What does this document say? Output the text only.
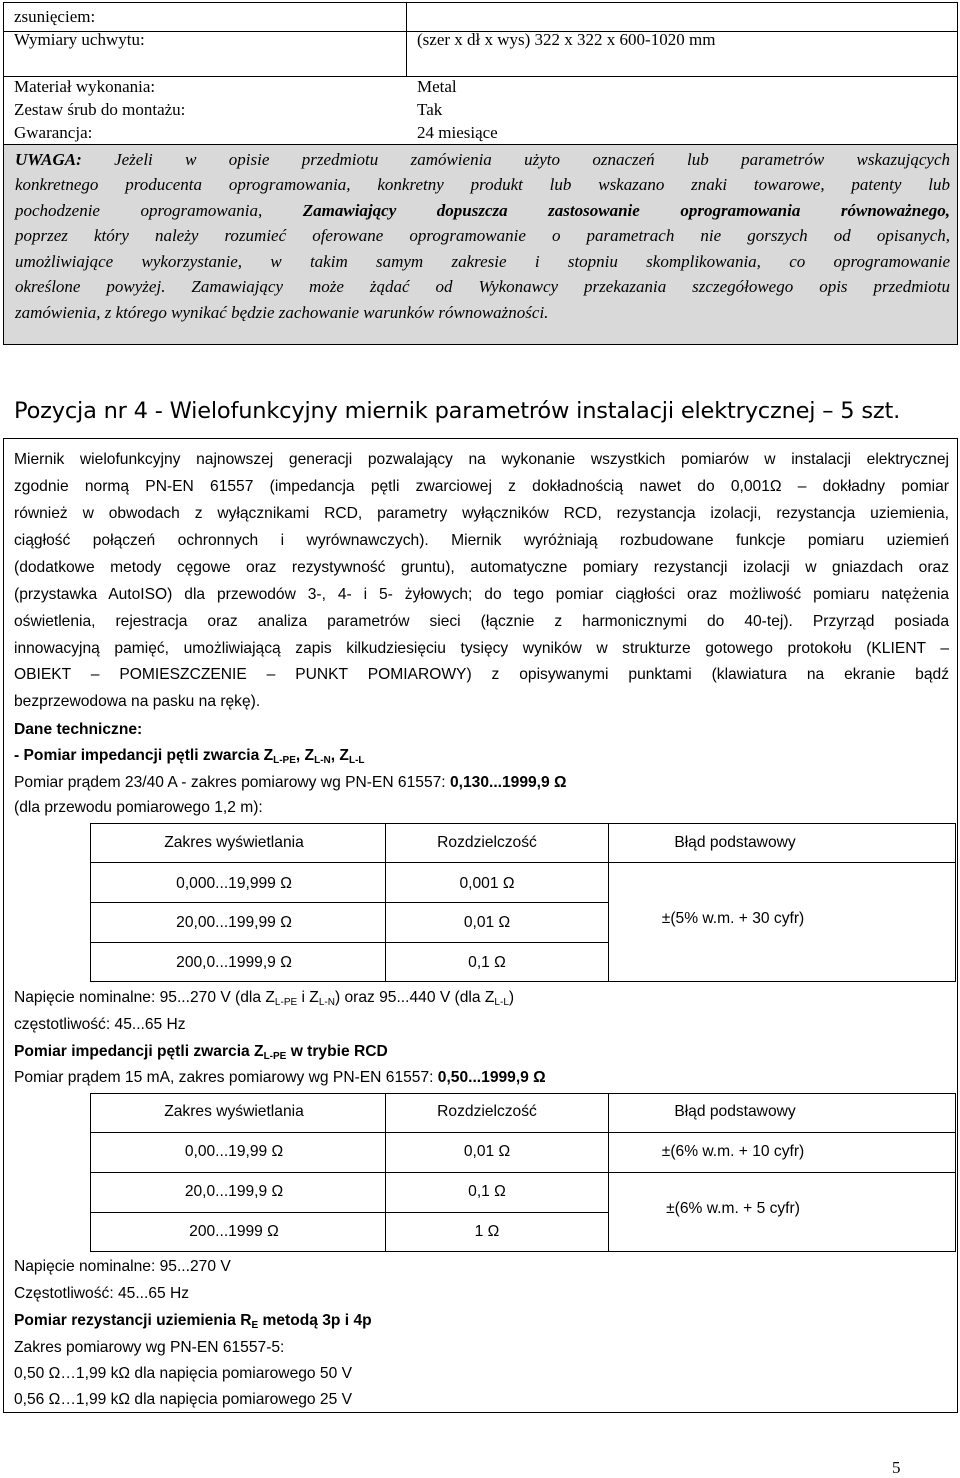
zsunięciem:
Wymiary uchwytu:	(szer x dł x wys) 322 x 322 x 600-1020 mm
Materiał wykonania:	Metal
Zestaw śrub do montażu:	Tak
Gwarancja:	24 miesiące

UWAGA: Jeżeli w opisie przedmiotu zamówienia użyto oznaczeń lub parametrów wskazujących

konkretnego producenta oprogramowania, konkretny produkt lub wskazano znaki towarowe, patenty lub

pochodzenie oprogramowania, Zamawiający dopuszcza zastosowanie oprogramowania równoważnego,

poprzez który należy rozumieć oferowane oprogramowanie o parametrach nie gorszych od opisanych,

umożliwiające wykorzystanie, w takim samym zakresie i stopniu skomplikowania, co oprogramowanie

określone powyżej. Zamawiający może żądać od Wykonawcy przekazania szczegółowego opis przedmiotu

zamówienia, z którego wynikać będzie zachowanie warunków równoważności.

Pozycja nr 4 - Wielofunkcyjny miernik parametrów instalacji elektrycznej – 5 szt.
Miernik wielofunkcyjny najnowszej generacji pozwalający na wykonanie wszystkich pomiarów w instalacji elektrycznej
zgodnie normą PN-EN 61557 (impedancja pętli zwarciowej z dokładnością nawet do 0,001Ω – dokładny pomiar
również w obwodach z wyłącznikami RCD, parametry wyłączników RCD, rezystancja izolacji, rezystancja uziemienia,
ciągłość połączeń ochronnych i wyrównawczych). Miernik wyróżniają rozbudowane funkcje pomiaru uziemień
(dodatkowe metody cęgowe oraz rezystywność gruntu), automatyczne pomiary rezystancji izolacji w gniazdach oraz
(przystawka AutoISO) dla przewodów 3-, 4- i 5- żyłowych; do tego pomiar ciągłości oraz możliwość pomiaru natężenia
oświetlenia, rejestracja oraz analiza parametrów sieci (łącznie z harmonicznymi do 40-tej). Przyrząd posiada
innowacyjną pamięć, umożliwiającą zapis kilkudziesięciu tysięcy wyników w strukturze gotowego protokołu (KLIENT –
OBIEKT – POMIESZCZENIE – PUNKT POMIAROWY) z opisywanymi punktami (klawiatura na ekranie bądź
bezprzewodowa na pasku na rękę).
Dane techniczne:
- Pomiar impedancji pętli zwarcia $Z_{L-PE}$, $Z_{L-N}$, $Z_{L-L}$
Pomiar prądem 23/40 A - zakres pomiarowy wg PN-EN 61557: 0,130...1999,9 Ω
(dla przewodu pomiarowego 1,2 m):
Zakres wyświetlania	Rozdzielczość	Błąd podstawowy
0,000...19,999 Ω	0,001 Ω
20,00...199,99 Ω	0,01 Ω
200,0...1999,9 Ω	0,1 Ω
±(5% w.m. + 30 cyfr)
Napięcie nominalne: 95...270 V (dla $Z_{L-PE}$ i $Z_{L-N}$) oraz 95...440 V (dla $Z_{L-L}$)
częstotliwość: 45...65 Hz
Pomiar impedancji pętli zwarcia $Z_{L-PE}$ w trybie RCD
Pomiar prądem 15 mA, zakres pomiarowy wg PN-EN 61557: 0,50...1999,9 Ω
Zakres wyświetlania	Rozdzielczość	Błąd podstawowy
0,00...19,99 Ω	0,01 Ω	±(6% w.m. + 10 cyfr)
20,0...199,9 Ω	0,1 Ω
200...1999 Ω	1 Ω
±(6% w.m. + 5 cyfr)
Napięcie nominalne: 95...270 V
Częstotliwość: 45...65 Hz
Pomiar rezystancji uziemienia $R_E$ metodą 3p i 4p
Zakres pomiarowy wg PN-EN 61557-5:
0,50 Ω…1,99 kΩ dla napięcia pomiarowego 50 V
0,56 Ω…1,99 kΩ dla napięcia pomiarowego 25 V
5
